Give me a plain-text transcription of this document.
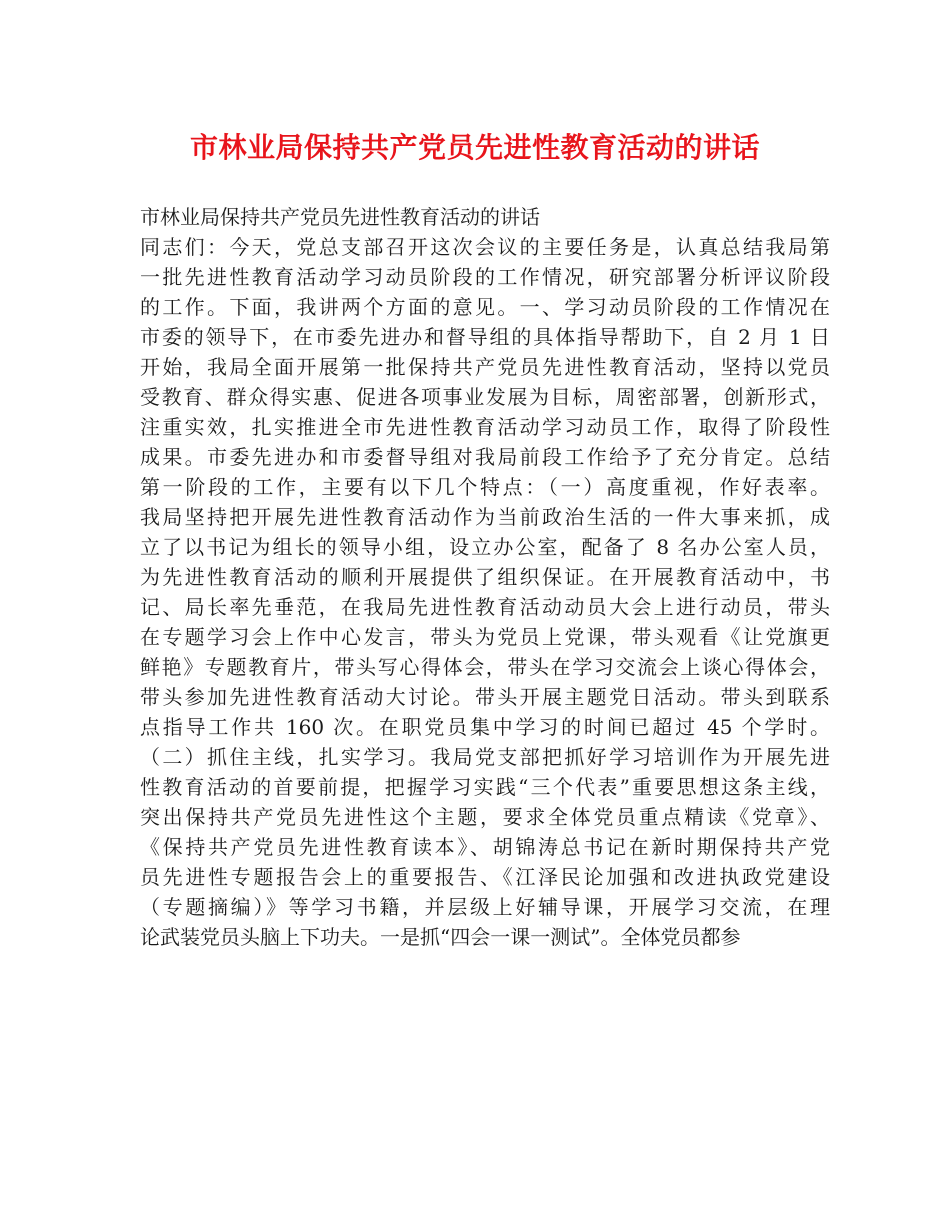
市林业局保持共产党员先进性教育活动的讲话
市林业局保持共产党员先进性教育活动的讲话
同志们：今天，党总支部召开这次会议的主要任务是，认真总结我局第
一批先进性教育活动学习动员阶段的工作情况，研究部署分析评议阶段
的工作。下面，我讲两个方面的意见。一、学习动员阶段的工作情况在
市委的领导下，在市委先进办和督导组的具体指导帮助下，自 2 月 1 日
开始，我局全面开展第一批保持共产党员先进性教育活动，坚持以党员
受教育、群众得实惠、促进各项事业发展为目标，周密部署，创新形式，
注重实效，扎实推进全市先进性教育活动学习动员工作，取得了阶段性
成果。市委先进办和市委督导组对我局前段工作给予了充分肯定。总结
第一阶段的工作，主要有以下几个特点：（一）高度重视，作好表率。
我局坚持把开展先进性教育活动作为当前政治生活的一件大事来抓，成
立了以书记为组长的领导小组，设立办公室，配备了 8 名办公室人员，
为先进性教育活动的顺利开展提供了组织保证。在开展教育活动中，书
记、局长率先垂范，在我局先进性教育活动动员大会上进行动员，带头
在专题学习会上作中心发言，带头为党员上党课，带头观看《让党旗更
鲜艳》专题教育片，带头写心得体会，带头在学习交流会上谈心得体会，
带头参加先进性教育活动大讨论。带头开展主题党日活动。带头到联系
点指导工作共 160 次。在职党员集中学习的时间已超过 45 个学时。
（二）抓住主线，扎实学习。我局党支部把抓好学习培训作为开展先进
性教育活动的首要前提，把握学习实践“三个代表”重要思想这条主线，
突出保持共产党员先进性这个主题，要求全体党员重点精读《党章》、
《保持共产党员先进性教育读本》、胡锦涛总书记在新时期保持共产党
员先进性专题报告会上的重要报告、《江泽民论加强和改进执政党建设
（专题摘编）》等学习书籍，并层级上好辅导课，开展学习交流，在理
论武装党员头脑上下功夫。一是抓“四会一课一测试”。全体党员都参
